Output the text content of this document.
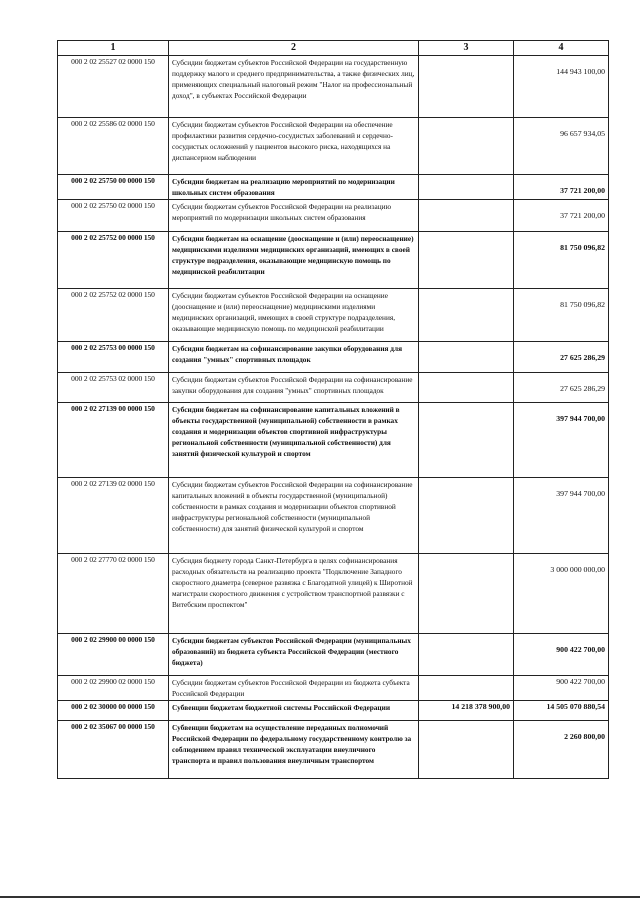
1	2	3	4
000 2 02 25527 02 0000 150	Субсидии бюджетам субъектов Российской Федерации на государственную поддержку малого и среднего предпринимательства, а также физических лиц, применяющих специальный налоговый режим "Налог на профессиональный доход", в субъектах Российской Федерации		144 943 100,00
000 2 02 25586 02 0000 150	Субсидии бюджетам субъектов Российской Федерации на обеспечение профилактики развития сердечно-сосудистых заболеваний и сердечно-сосудистых осложнений у пациентов высокого риска, находящихся на диспансерном наблюдении		96 657 934,05
000 2 02 25750 00 0000 150	Субсидии бюджетам на реализацию мероприятий по модернизации школьных систем образования		37 721 200,00
000 2 02 25750 02 0000 150	Субсидии бюджетам субъектов Российской Федерации на реализацию мероприятий по модернизации школьных систем образования		37 721 200,00
000 2 02 25752 00 0000 150	Субсидии бюджетам на оснащение (дооснащение и (или) переоснащение) медицинскими изделиями медицинских организаций, имеющих в своей структуре подразделения, оказывающие медицинскую помощь по медицинской реабилитации		81 750 096,82
000 2 02 25752 02 0000 150	Субсидии бюджетам субъектов Российской Федерации на оснащение (дооснащение и (или) переоснащение) медицинскими изделиями медицинских организаций, имеющих в своей структуре подразделения, оказывающие медицинскую помощь по медицинской реабилитации		81 750 096,82
000 2 02 25753 00 0000 150	Субсидии бюджетам на софинансирование закупки оборудования для создания "умных" спортивных площадок		27 625 286,29
000 2 02 25753 02 0000 150	Субсидии бюджетам субъектов Российской Федерации на софинансирование закупки оборудования для создания "умных" спортивных площадок		27 625 286,29
000 2 02 27139 00 0000 150	Субсидии бюджетам на софинансирование капитальных вложений в объекты государственной (муниципальной) собственности в рамках создания и модернизации объектов спортивной инфраструктуры региональной собственности (муниципальной собственности) для занятий физической культурой и спортом		397 944 700,00
000 2 02 27139 02 0000 150	Субсидии бюджетам субъектов Российской Федерации на софинансирование капитальных вложений в объекты государственной (муниципальной) собственности в рамках создания и модернизации объектов спортивной инфраструктуры региональной собственности (муниципальной собственности) для занятий физической культурой и спортом		397 944 700,00
000 2 02 27770 02 0000 150	Субсидия бюджету города Санкт-Петербурга в целях софинансирования расходных обязательств на реализацию проекта "Подключение Западного скоростного диаметра (северное развязка с Благодатной улицей) к Широтной магистрали скоростного движения с устройством транспортной развязки с Витебским проспектом"		3 000 000 000,00
000 2 02 29900 00 0000 150	Субсидии бюджетам субъектов Российской Федерации (муниципальных образований) из бюджета субъекта Российской Федерации (местного бюджета)		900 422 700,00
000 2 02 29900 02 0000 150	Субсидии бюджетам субъектов Российской Федерации из бюджета субъекта Российской Федерации		900 422 700,00
000 2 02 30000 00 0000 150	Субвенции бюджетам бюджетной системы Российской Федерации	14 218 378 900,00	14 505 070 880,54
000 2 02 35067 00 0000 150	Субвенции бюджетам на осуществление переданных полномочий Российской Федерации по федеральному государственному контролю за соблюдением правил технической эксплуатации внеуличного транспорта и правил пользования внеуличным транспортом		2 260 800,00
